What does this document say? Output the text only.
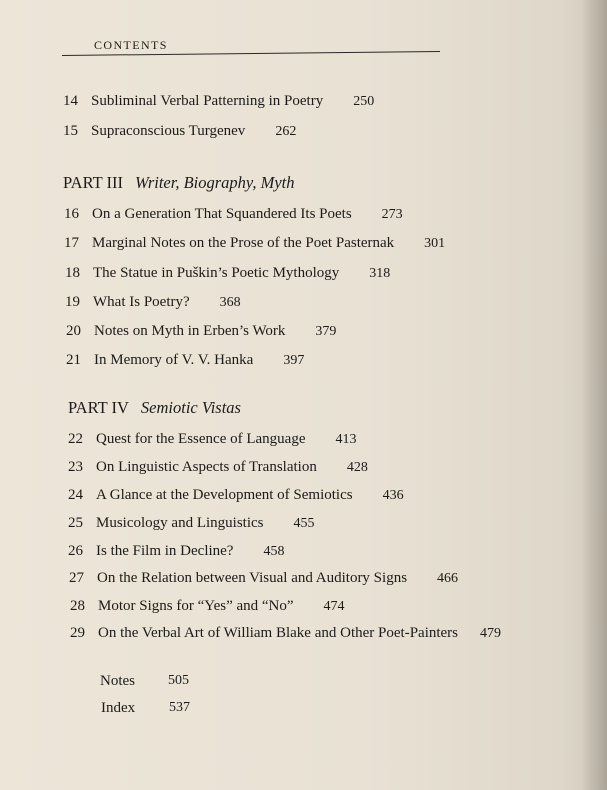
CONTENTS
14 Subliminal Verbal Patterning in Poetry 250
15 Supraconscious Turgenev 262
PART III Writer, Biography, Myth
16 On a Generation That Squandered Its Poets 273
17 Marginal Notes on the Prose of the Poet Pasternak 301
18 The Statue in Puškin’s Poetic Mythology 318
19 What Is Poetry? 368
20 Notes on Myth in Erben’s Work 379
21 In Memory of V. V. Hanka 397
PART IV Semiotic Vistas
22 Quest for the Essence of Language 413
23 On Linguistic Aspects of Translation 428
24 A Glance at the Development of Semiotics 436
25 Musicology and Linguistics 455
26 Is the Film in Decline? 458
27 On the Relation between Visual and Auditory Signs 466
28 Motor Signs for “Yes” and “No” 474
29 On the Verbal Art of William Blake and Other Poet-Painters 479
Notes 505
Index 537
